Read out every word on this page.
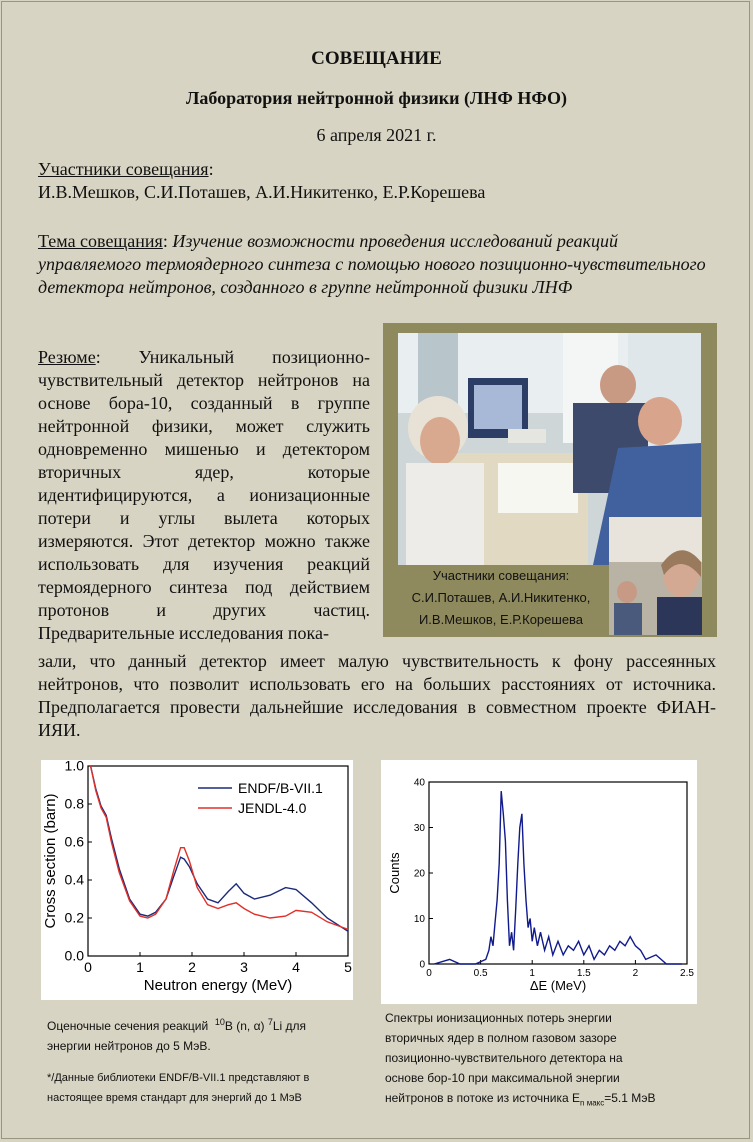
СОВЕЩАНИЕ
Лаборатория нейтронной физики (ЛНФ НФО)
6 апреля 2021 г.
Участники совещания:
И.В.Мешков, С.И.Поташев, А.И.Никитенко, Е.Р.Корешева
Тема совещания: Изучение возможности проведения исследований реакций управляемого термоядерного синтеза с помощью нового позиционно-чувствительного детектора нейтронов, созданного в группе нейтронной физики ЛНФ
Резюме: Уникальный позиционно-чувствительный детектор нейтронов на основе бора-10, созданный в группе нейтронной физики, может служить одновременно мишенью и детектором вторичных ядер, которые идентифицируются, а ионизационные потери и углы вылета которых измеряются. Этот детектор можно также использовать для изучения реакций термоядерного синтеза под действием протонов и других частиц. Предварительные исследования пока-
зали, что данный детектор имеет малую чувствительность к фону рассеянных нейтронов, что позволит использовать его на больших расстояниях от источника. Предполагается провести дальнейшие исследования в совместном проекте ФИАН-ИЯИ.
Участники совещания:
С.И.Поташев, А.И.Никитенко,
И.В.Мешков, Е.Р.Корешева
0	1	2	3	4	5
0.0
0.2
0.4
0.6
0.8
1.0
Neutron energy (MeV)
Cross section (barn)
ENDF/B-VII.1
JENDL-4.0
0	0.5	1	1.5	2	2.5
0
10
20
30
40
ΔE (MeV)
Counts
Оценочные сечения реакций $^{10}$B (n, α) $^7$Li для
энергии нейтронов до 5 МэВ.
*/Данные библиотеки ENDF/B-VII.1 представляют в
настоящее время стандарт для энергий до 1 МэВ
Спектры ионизационных потерь энергии
вторичных ядер в полном газовом зазоре
позиционно-чувствительного детектора на
основе бор-10 при максимальной энергии
нейтронов в потоке из источника $E_{n макс}=5.1$ МэВ
